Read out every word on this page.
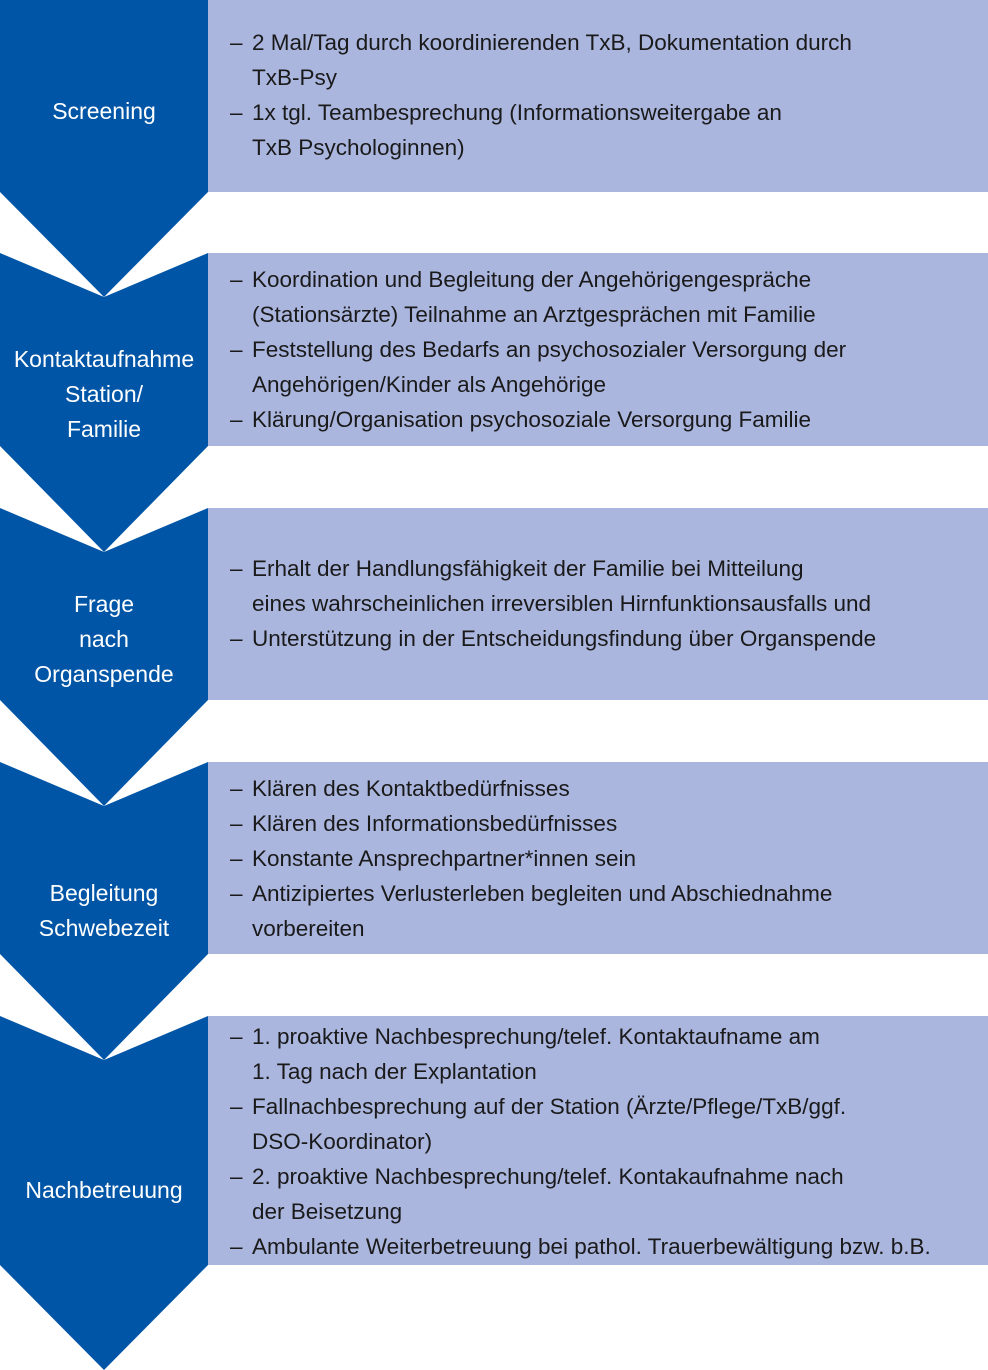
Screening
– 2 Mal/Tag durch koordinierenden TxB, Dokumentation durch
TxB-Psy
– 1x tgl. Teambesprechung (Informationsweitergabe an
TxB Psychologinnen)
Kontaktaufnahme
Station/
Familie
– Koordination und Begleitung der Angehörigengespräche
(Stationsärzte) Teilnahme an Arztgesprächen mit Familie
– Feststellung des Bedarfs an psychosozialer Versorgung der
Angehörigen/Kinder als Angehörige
– Klärung/Organisation psychosoziale Versorgung Familie
Frage
nach
Organspende
– Erhalt der Handlungsfähigkeit der Familie bei Mitteilung
eines wahrscheinlichen irreversiblen Hirnfunktionsausfalls und
– Unterstützung in der Entscheidungsfindung über Organspende
Begleitung
Schwebezeit
– Klären des Kontaktbedürfnisses
– Klären des Informationsbedürfnisses
– Konstante Ansprechpartner*innen sein
– Antizipiertes Verlusterleben begleiten und Abschiednahme
vorbereiten
Nachbetreuung
– 1. proaktive Nachbesprechung/telef. Kontaktaufname am
1. Tag nach der Explantation
– Fallnachbesprechung auf der Station (Ärzte/Pflege/TxB/ggf.
DSO-Koordinator)
– 2. proaktive Nachbesprechung/telef. Kontakaufnahme nach
der Beisetzung
– Ambulante Weiterbetreuung bei pathol. Trauerbewältigung bzw. b.B.
